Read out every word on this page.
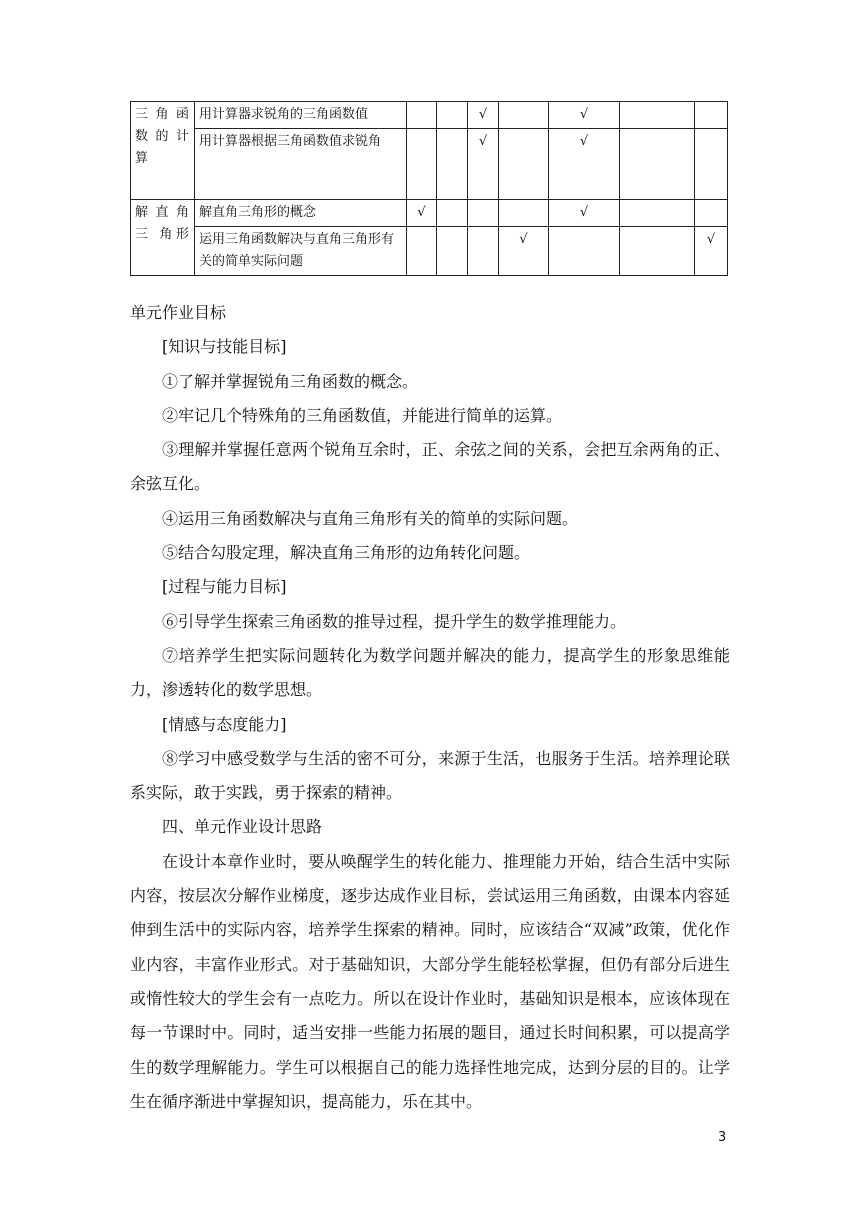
三 角 函 数 的 计 算	用计算器求锐角的三角函数值			√		√		
	用计算器根据三角函数值求锐角			√		√		
解 直 角 三 角形	解直角三角形的概念	√				√		
	运用三角函数解决与直角三角形有关的简单实际问题				√			√

单元作业目标

[知识与技能目标]

①了解并掌握锐角三角函数的概念。

②牢记几个特殊角的三角函数值，并能进行简单的运算。

③理解并掌握任意两个锐角互余时，正、余弦之间的关系，会把互余两角的正、余弦互化。

④运用三角函数解决与直角三角形有关的简单的实际问题。

⑤结合勾股定理，解决直角三角形的边角转化问题。

[过程与能力目标]

⑥引导学生探索三角函数的推导过程，提升学生的数学推理能力。

⑦培养学生把实际问题转化为数学问题并解决的能力，提高学生的形象思维能力，渗透转化的数学思想。

[情感与态度能力]

⑧学习中感受数学与生活的密不可分，来源于生活，也服务于生活。培养理论联系实际，敢于实践，勇于探索的精神。

四、单元作业设计思路

在设计本章作业时，要从唤醒学生的转化能力、推理能力开始，结合生活中实际内容，按层次分解作业梯度，逐步达成作业目标，尝试运用三角函数，由课本内容延伸到生活中的实际内容，培养学生探索的精神。同时，应该结合“双减”政策，优化作业内容，丰富作业形式。对于基础知识，大部分学生能轻松掌握，但仍有部分后进生或惰性较大的学生会有一点吃力。所以在设计作业时，基础知识是根本，应该体现在每一节课时中。同时，适当安排一些能力拓展的题目，通过长时间积累，可以提高学生的数学理解能力。学生可以根据自己的能力选择性地完成，达到分层的目的。让学生在循序渐进中掌握知识，提高能力，乐在其中。

3
